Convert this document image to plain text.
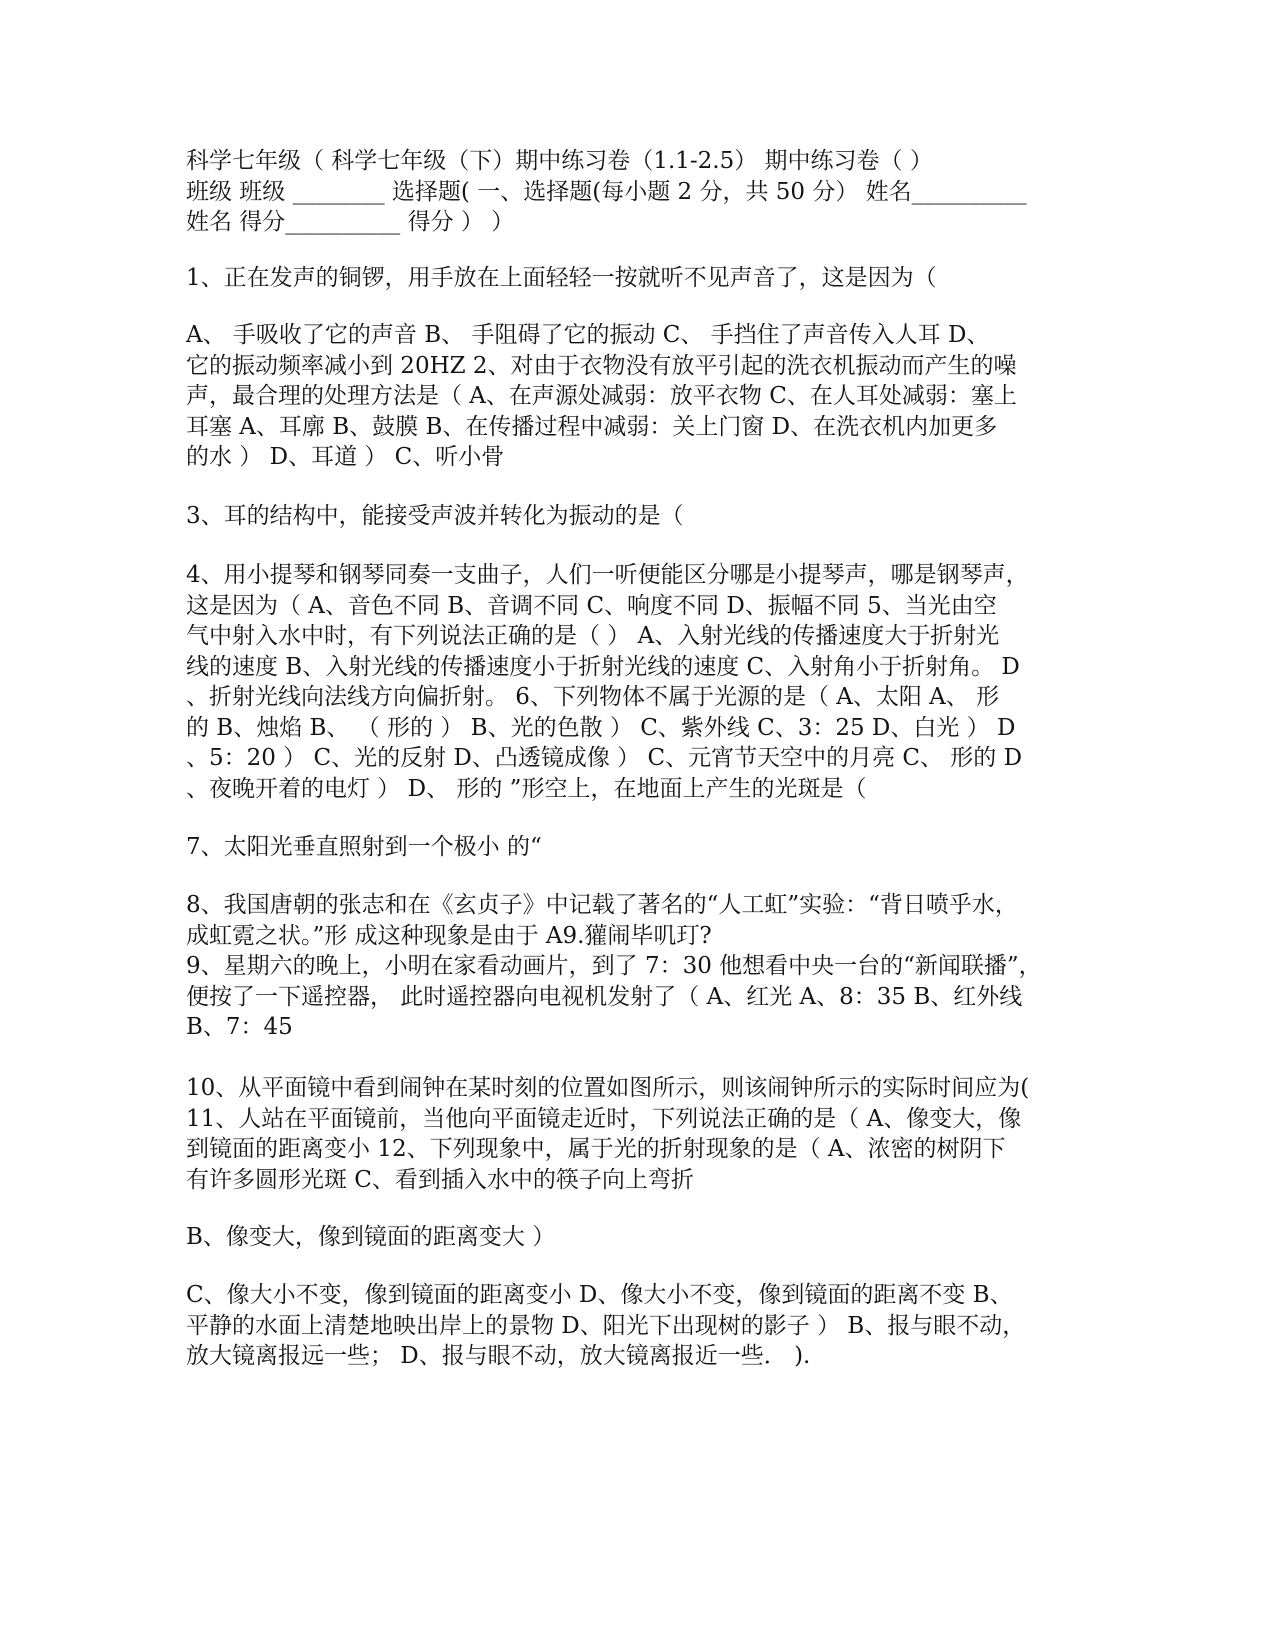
科学七年级（ 科学七年级（下）期中练习卷（1.1-2.5） 期中练习卷（ ）
班级 班级 ________ 选择题( 一、选择题(每小题 2 分，共 50 分） 姓名__________
姓名 得分__________ 得分 ） ）
1、正在发声的铜锣，用手放在上面轻轻一按就听不见声音了，这是因为（
A、 手吸收了它的声音 B、 手阻碍了它的振动 C、 手挡住了声音传入人耳 D、
它的振动频率减小到 20HZ 2、对由于衣物没有放平引起的洗衣机振动而产生的噪
声，最合理的处理方法是（ A、在声源处减弱：放平衣物 C、在人耳处减弱：塞上
耳塞 A、耳廓 B、鼓膜 B、在传播过程中减弱：关上门窗 D、在洗衣机内加更多
的水 ） D、耳道 ） C、听小骨
3、耳的结构中，能接受声波并转化为振动的是（
4、用小提琴和钢琴同奏一支曲子，人们一听便能区分哪是小提琴声，哪是钢琴声，
这是因为（ A、音色不同 B、音调不同 C、响度不同 D、振幅不同 5、当光由空
气中射入水中时，有下列说法正确的是（ ） A、入射光线的传播速度大于折射光
线的速度 B、入射光线的传播速度小于折射光线的速度 C、入射角小于折射角。 D
、折射光线向法线方向偏折射。 6、下列物体不属于光源的是（ A、太阳 A、 形
的 B、烛焰 B、 （ 形的 ） B、光的色散 ） C、紫外线 C、3：25 D、白光 ） D
、5：20 ） C、光的反射 D、凸透镜成像 ） C、元宵节天空中的月亮 C、 形的 D
、夜晚开着的电灯 ） D、 形的 ”形空上，在地面上产生的光斑是（
7、太阳光垂直照射到一个极小 的“
8、我国唐朝的张志和在《玄贞子》中记载了著名的“人工虹”实验：“背日喷乎水，
成虹霓之状。”形 成这种现象是由于 A9.獾闹毕叽玎?
9、星期六的晚上，小明在家看动画片，到了 7：30 他想看中央一台的“新闻联播”，
便按了一下遥控器， 此时遥控器向电视机发射了（ A、红光 A、8：35 B、红外线
B、7：45
10、从平面镜中看到闹钟在某时刻的位置如图所示，则该闹钟所示的实际时间应为(
11、人站在平面镜前，当他向平面镜走近时，下列说法正确的是（ A、像变大，像
到镜面的距离变小 12、下列现象中，属于光的折射现象的是（ A、浓密的树阴下
有许多圆形光斑 C、看到插入水中的筷子向上弯折
B、像变大，像到镜面的距离变大 ）
C、像大小不变，像到镜面的距离变小 D、像大小不变，像到镜面的距离不变 B、
平静的水面上清楚地映出岸上的景物 D、阳光下出现树的影子 ） B、报与眼不动，
放大镜离报远一些； D、报与眼不动，放大镜离报近一些． ).
